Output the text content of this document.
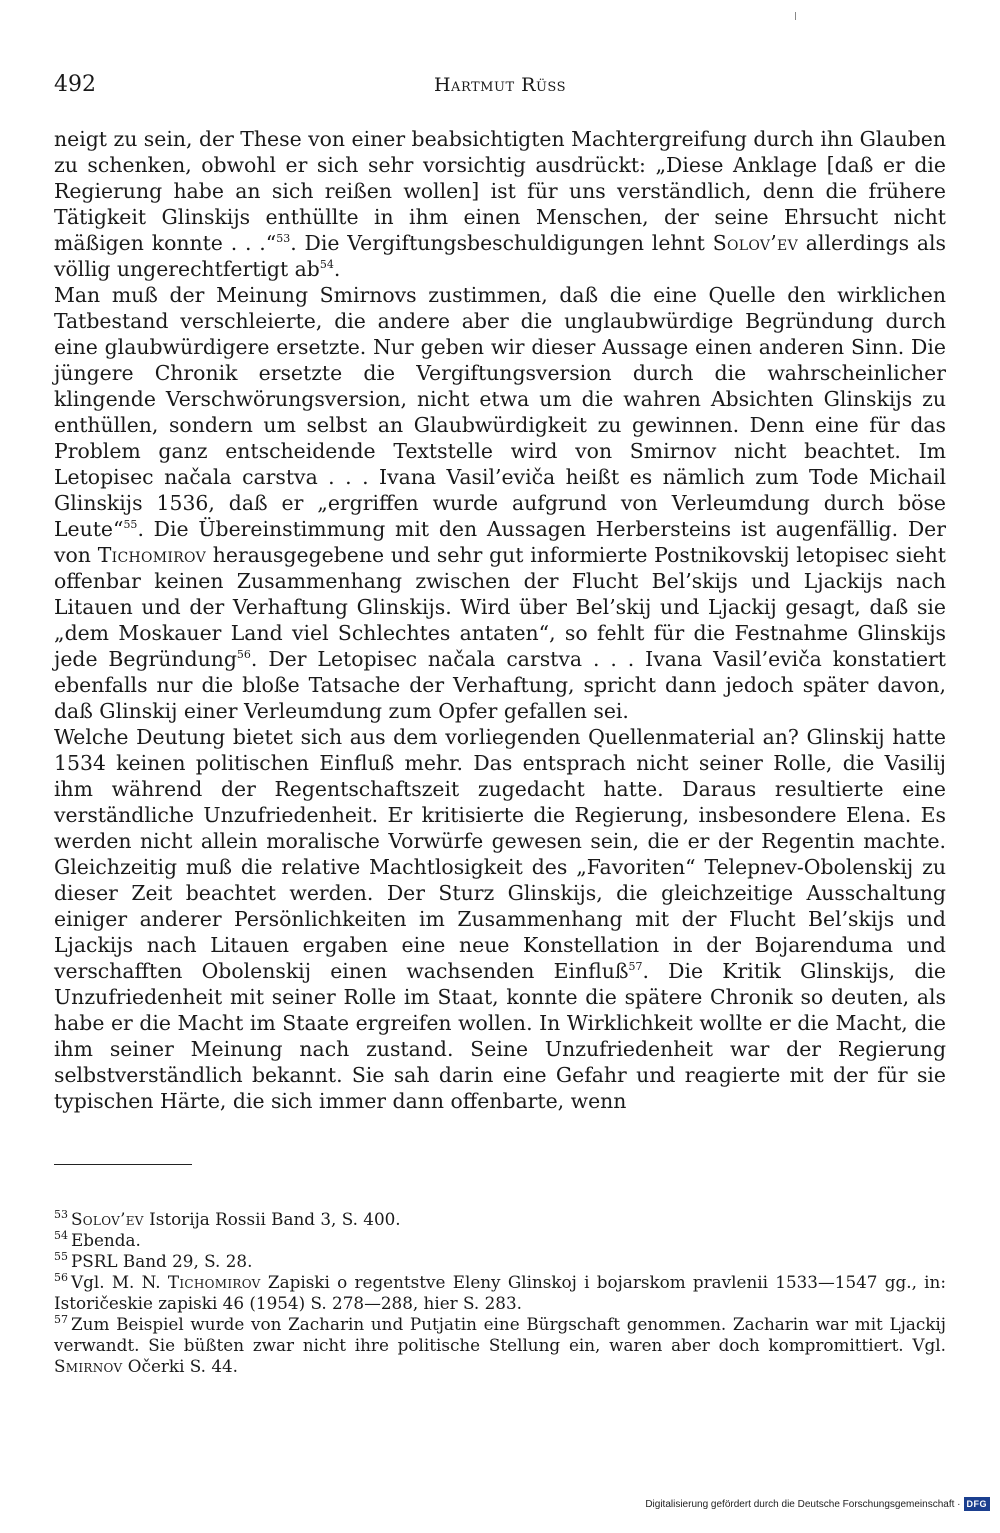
492	Hartmut Rüss

neigt zu sein, der These von einer beabsichtigten Machtergreifung durch ihn Glauben zu schenken, obwohl er sich sehr vorsichtig ausdrückt: „Diese Anklage [daß er die Regierung habe an sich reißen wollen] ist für uns verständlich, denn die frühere Tätigkeit Glinskijs enthüllte in ihm einen Menschen, der seine Ehrsucht nicht mäßigen konnte . . .“$^{53}$. Die Vergiftungsbeschuldigungen lehnt Solov’ev allerdings als völlig ungerechtfertigt $ab^{54}$.

Man muß der Meinung Smirnovs zustimmen, daß die eine Quelle den wirklichen Tatbestand verschleierte, die andere aber die unglaubwürdige Begründung durch eine glaubwürdigere ersetzte. Nur geben wir dieser Aussage einen anderen Sinn. Die jüngere Chronik ersetzte die Vergiftungsversion durch die wahrscheinlicher klingende Verschwörungsversion, nicht etwa um die wahren Absichten Glinskijs zu enthüllen, sondern um selbst an Glaubwürdigkeit zu gewinnen. Denn eine für das Problem ganz entscheidende Textstelle wird von Smirnov nicht beachtet. Im Letopisec načala carstva . . . Ivana Vasil’eviča heißt es nämlich zum Tode Michail Glinskijs 1536, daß er „ergriffen wurde aufgrund von Verleumdung durch böse Leute“$^{55}$. Die Übereinstimmung mit den Aussagen Herbersteins ist augenfällig. Der von Tichomirov herausgegebene und sehr gut informierte Postnikovskij letopisec sieht offenbar keinen Zusammenhang zwischen der Flucht Bel’skijs und Ljackijs nach Litauen und der Verhaftung Glinskijs. Wird über Bel’skij und Ljackij gesagt, daß sie „dem Moskauer Land viel Schlechtes antaten“, so fehlt für die Festnahme Glinskijs jede Begründung$^{56}$. Der Letopisec načala carstva . . . Ivana Vasil’eviča konstatiert ebenfalls nur die bloße Tatsache der Verhaftung, spricht dann jedoch später davon, daß Glinskij einer Verleumdung zum Opfer gefallen sei.

Welche Deutung bietet sich aus dem vorliegenden Quellenmaterial an? Glinskij hatte 1534 keinen politischen Einfluß mehr. Das entsprach nicht seiner Rolle, die Vasilij ihm während der Regentschaftszeit zugedacht hatte. Daraus resultierte eine verständliche Unzufriedenheit. Er kritisierte die Regierung, insbesondere Elena. Es werden nicht allein moralische Vorwürfe gewesen sein, die er der Regentin machte. Gleichzeitig muß die relative Machtlosigkeit des „Favoriten“ Telepnev-Obolenskij zu dieser Zeit beachtet werden. Der Sturz Glinskijs, die gleichzeitige Ausschaltung einiger anderer Persönlichkeiten im Zusammenhang mit der Flucht Bel’skijs und Ljackijs nach Litauen ergaben eine neue Konstellation in der Bojarenduma und verschafften Obolenskij einen wachsenden Einfluß$^{57}$. Die Kritik Glinskijs, die Unzufriedenheit mit seiner Rolle im Staat, konnte die spätere Chronik so deuten, als habe er die Macht im Staate ergreifen wollen. In Wirklichkeit wollte er die Macht, die ihm seiner Meinung nach zustand. Seine Unzufriedenheit war der Regierung selbstverständlich bekannt. Sie sah darin eine Gefahr und reagierte mit der für sie typischen Härte, die sich immer dann offenbarte, wenn

$^{53}$ Solov’ev Istorija Rossii Band 3, S. 400.

$^{54}$ Ebenda.

$^{55}$ PSRL Band 29, S. 28.

$^{56}$ Vgl. M. N. Tichomirov Zapiski o regentstve Eleny Glinskoj i bojarskom pravlenii 1533—1547 gg., in: Istoričeskie zapiski 46 (1954) S. 278—288, hier S. 283.

$^{57}$ Zum Beispiel wurde von Zacharin und Putjatin eine Bürgschaft genommen. Zacharin war mit Ljackij verwandt. Sie büßten zwar nicht ihre politische Stellung ein, waren aber doch kompromittiert. Vgl. Smirnov Očerki S. 44.

Digitalisierung gefördert durch die Deutsche Forschungsgemeinschaft · DFG
